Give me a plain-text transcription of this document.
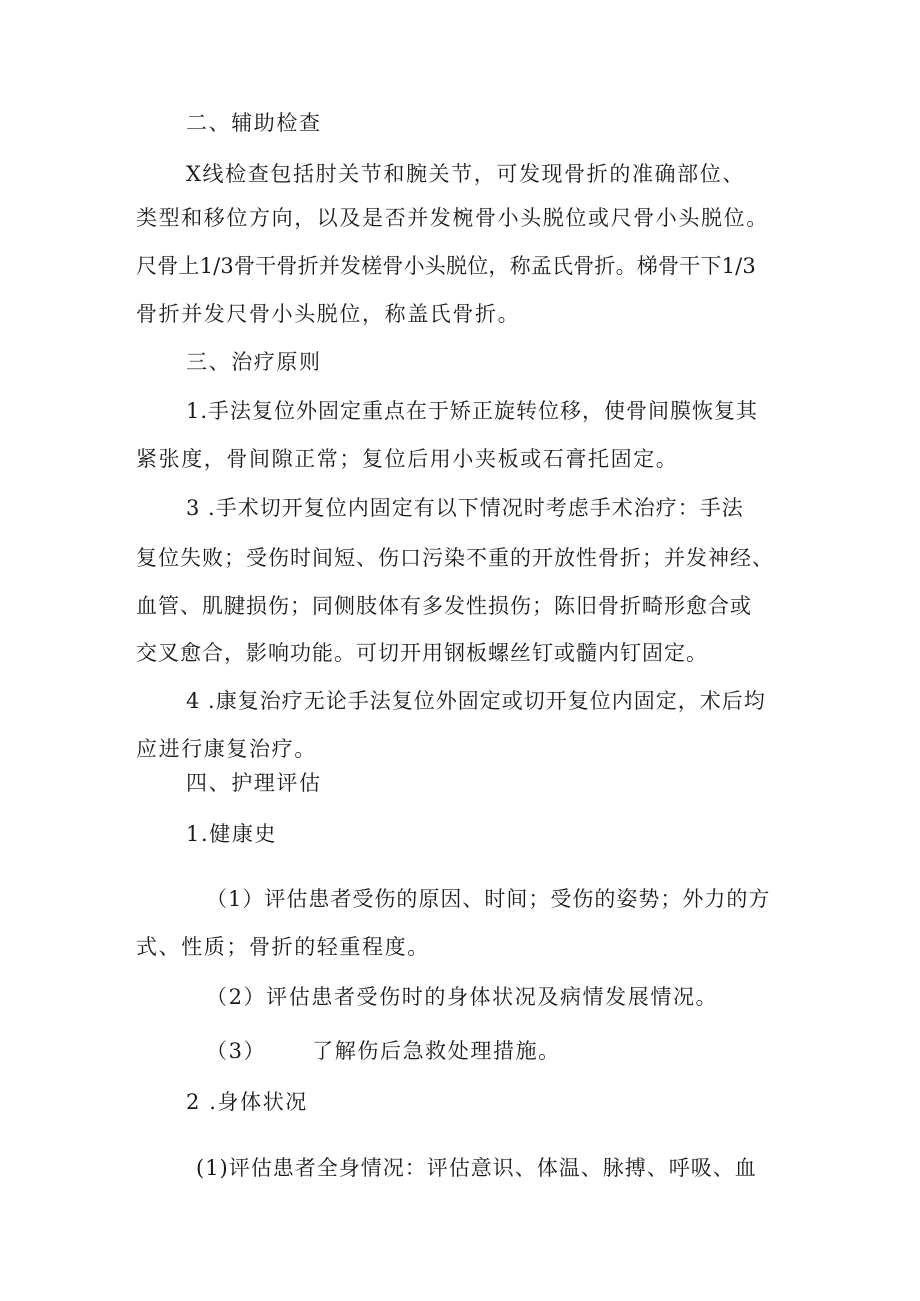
二、辅助检查
X线检查包括肘关节和腕关节，可发现骨折的准确部位、
类型和移位方向，以及是否并发椀骨小头脱位或尺骨小头脱位。
尺骨上1/3骨干骨折并发槎骨小头脱位，称孟氏骨折。梯骨干下1/3
骨折并发尺骨小头脱位，称盖氏骨折。
三、治疗原则
1.手法复位外固定重点在于矫正旋转位移，使骨间膜恢复其
紧张度，骨间隙正常；复位后用小夹板或石膏托固定。
3 .手术切开复位内固定有以下情况时考虑手术治疗：手法
复位失败；受伤时间短、伤口污染不重的开放性骨折；并发神经、
血管、肌腱损伤；同侧肢体有多发性损伤；陈旧骨折畸形愈合或
交叉愈合，影响功能。可切开用钢板螺丝钉或髓内钉固定。
4 .康复治疗无论手法复位外固定或切开复位内固定，术后均
应进行康复治疗。
四、护理评估
1.健康史
（1）评估患者受伤的原因、时间；受伤的姿势；外力的方
式、性质；骨折的轻重程度。
（2）评估患者受伤时的身体状况及病情发展情况。
（3） 了解伤后急救处理措施。
2 .身体状况
(1)评估患者全身情况：评估意识、体温、脉搏、呼吸、血
